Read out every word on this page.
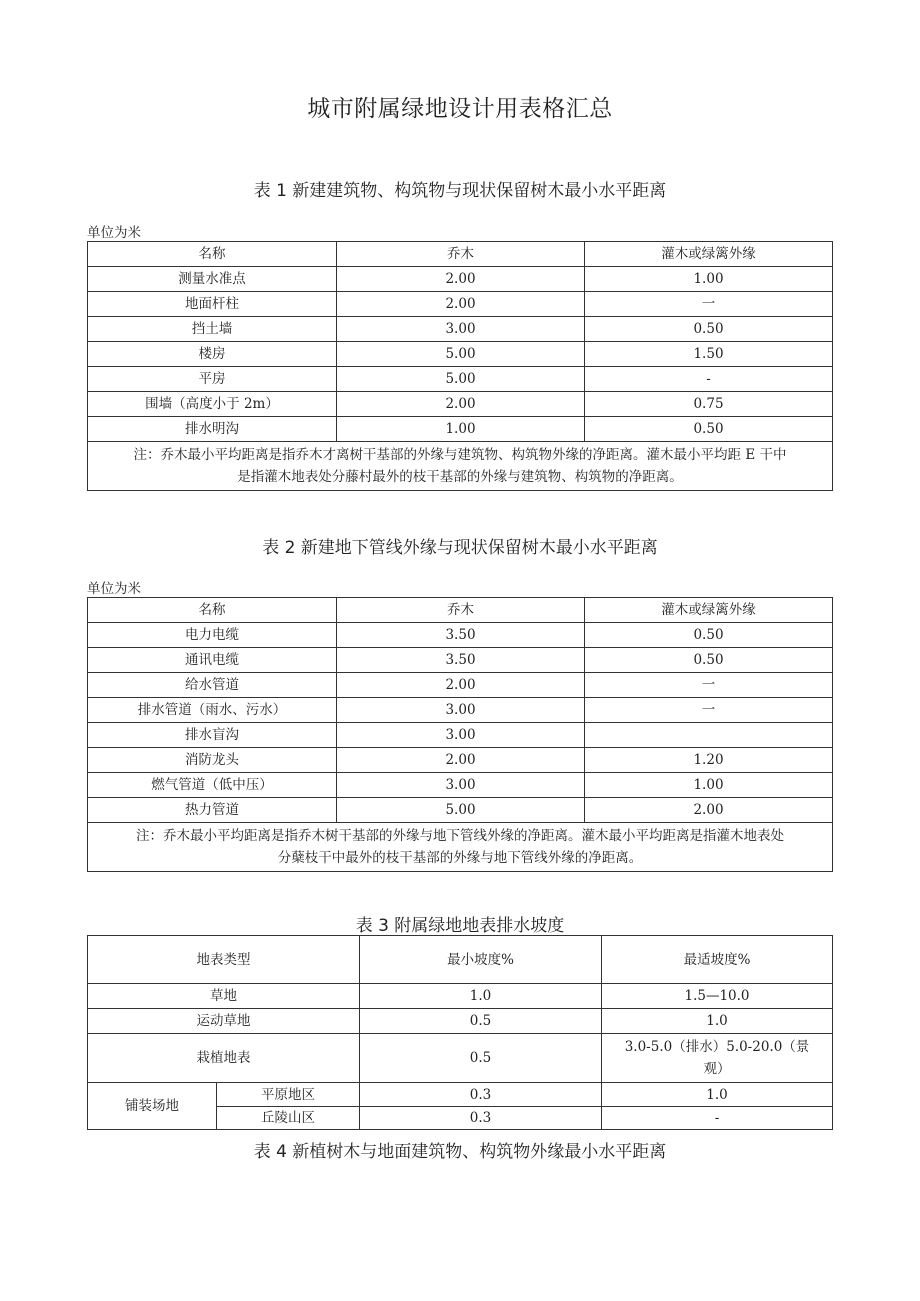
城市附属绿地设计用表格汇总
表 1 新建建筑物、构筑物与现状保留树木最小水平距离
单位为米
名称	乔木	灌木或绿篱外缘
测量水准点	2.00	1.00
地面杆柱	2.00	一
挡土墙	3.00	0.50
楼房	5.00	1.50
平房	5.00	-
围墙（高度小于 2m）	2.00	0.75
排水明沟	1.00	0.50

注：乔木最小平均距离是指乔木才离树干基部的外缘与建筑物、构筑物外缘的净距离。灌木最小平均距 E 干中
是指灌木地表处分藤村最外的枝干基部的外缘与建筑物、构筑物的净距离。		
表 2 新建地下管线外缘与现状保留树木最小水平距离
单位为米
名称	乔木	灌木或绿篱外缘
电力电缆	3.50	0.50
通讯电缆	3.50	0.50
给水管道	2.00	一
排水管道（雨水、污水）	3.00	一
排水盲沟	3.00	
消防龙头	2.00	1.20
燃气管道（低中压）	3.00	1.00
热力管道	5.00	2.00

注：乔木最小平均距离是指乔木树干基部的外缘与地下管线外缘的净距离。灌木最小平均距离是指灌木地表处
分蘖枝干中最外的枝干基部的外缘与地下管线外缘的净距离。		
表 3 附属绿地地表排水坡度
地表类型		最小坡度%	最适坡度%
草地		1.0	1.5—10.0
运动草地		0.5	1.0
栽植地表		0.5	3.0-5.0（排水）5.0-20.0（景
观）

铺装场地	平原地区	0.3	1.0
	丘陵山区	0.3	-
表 4 新植树木与地面建筑物、构筑物外缘最小水平距离
